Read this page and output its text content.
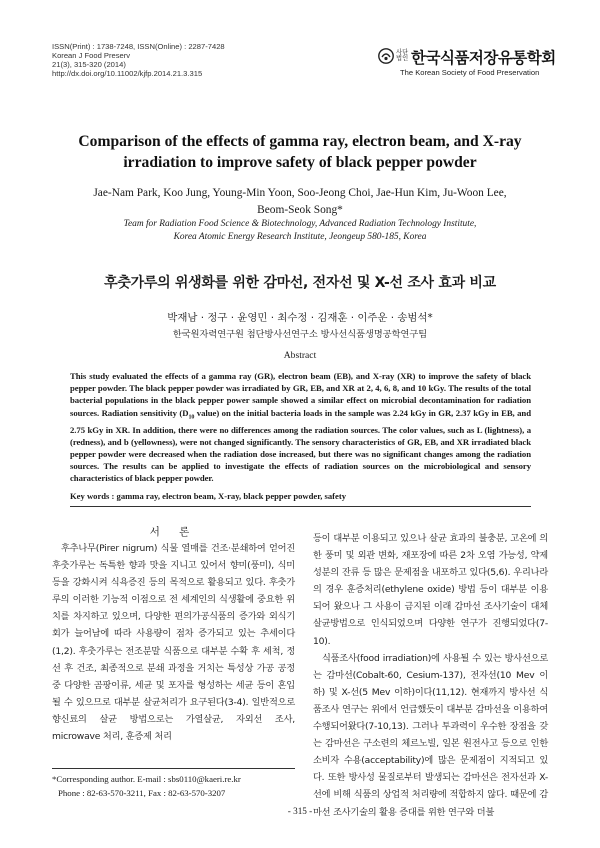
ISSN(Print) : 1738-7248, ISSN(Online) : 2287-7428
Korean J Food Preserv
21(3), 315-320 (2014)
http://dx.doi.org/10.11002/kjfp.2014.21.3.315
사단
법인 한국식품저장유통학회
The Korean Society of Food Preservation
Comparison of the effects of gamma ray, electron beam, and X-ray
irradiation to improve safety of black pepper powder
Jae-Nam Park, Koo Jung, Young-Min Yoon, Soo-Jeong Choi, Jae-Hun Kim, Ju-Woon Lee,
Beom-Seok Song*
Team for Radiation Food Science & Biotechnology, Advanced Radiation Technology Institute,
Korea Atomic Energy Research Institute, Jeongeup 580-185, Korea
후춧가루의 위생화를 위한 감마선, 전자선 및 X-선 조사 효과 비교
박재남 · 정구 · 윤영민 · 최수정 · 김재훈 · 이주운 · 송범석*
한국원자력연구원 첨단방사선연구소 방사선식품생명공학연구팀
Abstract
This study evaluated the effects of a gamma ray (GR), electron beam (EB), and X-ray (XR) to improve the safety of black pepper powder. The black pepper powder was irradiated by GR, EB, and XR at 2, 4, 6, 8, and 10 kGy. The results of the total bacterial populations in the black pepper power sample showed a similar effect on microbial decontamination for radiation sources. Radiation sensitivity ($D_{10}$ value) on the initial bacteria loads in the sample was 2.24 kGy in GR, 2.37 kGy in EB, and 2.75 kGy in XR. In addition, there were no differences among the radiation sources. The color values, such as L (lightness), a (redness), and b (yellowness), were not changed significantly. The sensory characteristics of GR, EB, and XR irradiated black pepper powder were decreased when the radiation dose increased, but there was no significant changes among the radiation sources. The results can be applied to investigate the effects of radiation sources on the microbiological and sensory characteristics of black pepper powder.
Key words : gamma ray, electron beam, X-ray, black pepper powder, safety
서 론

후추나무(Pirer nigrum) 식물 열매를 건조·분쇄하여 얻어진 후춧가루는 독특한 향과 맛을 지니고 있어서 향미(풍미), 식미 등을 강화시켜 식욕증진 등의 목적으로 활용되고 있다. 후춧가루의 이러한 기능적 이점으로 전 세계인의 식생활에 중요한 위치를 차지하고 있으며, 다양한 편의가공식품의 증가와 외식기회가 늘어남에 따라 사용량이 점차 증가되고 있는 추세이다(1,2). 후춧가루는 전조분말 식품으로 대부분 수확 후 세척, 정선 후 건조, 최종적으로 분쇄 과정을 거치는 특성상 가공 공정 중 다양한 곰팡이류, 세균 및 포자를 형성하는 세균 등이 혼입될 수 있으므로 대부분 살균처리가 요구된다(3-4). 일반적으로 향신료의 살균 방법으로는 가열살균, 자외선 조사, microwave 처리, 훈증제 처리

등이 대부분 이용되고 있으나 살균 효과의 불충분, 고온에 의한 풍미 및 외관 변화, 재포장에 따른 2차 오염 가능성, 약제성분의 잔류 등 많은 문제점을 내포하고 있다(5,6). 우리나라의 경우 훈증처리(ethylene oxide) 방법 등이 대부분 이용되어 왔으나 그 사용이 금지된 이래 감마선 조사기술이 대체 살균방법으로 인식되었으며 다양한 연구가 진행되었다(7-10).

식품조사(food irradiation)에 사용될 수 있는 방사선으로는 감마선(Cobalt-60, Cesium-137), 전자선(10 Mev 이하) 및 X-선(5 Mev 이하)이다(11,12). 현재까지 방사선 식품조사 연구는 위에서 언급했듯이 대부분 감마선을 이용하여 수행되어왔다(7-10,13). 그러나 투과력이 우수한 장점을 갖는 감마선은 구소련의 체르노빌, 일본 원전사고 등으로 인한 소비자 수용(acceptability)에 많은 문제점이 지적되고 있다. 또한 방사성 물질로부터 발생되는 감마선은 전자선과 X-선에 비해 식품의 상업적 처리량에 적합하지 않다. 때문에 감마선 조사기술의 활용 증대를 위한 연구와 더불

*Corresponding author. E-mail : sbs0110@kaeri.re.kr
Phone : 82-63-570-3211, Fax : 82-63-570-3207
- 315 -
